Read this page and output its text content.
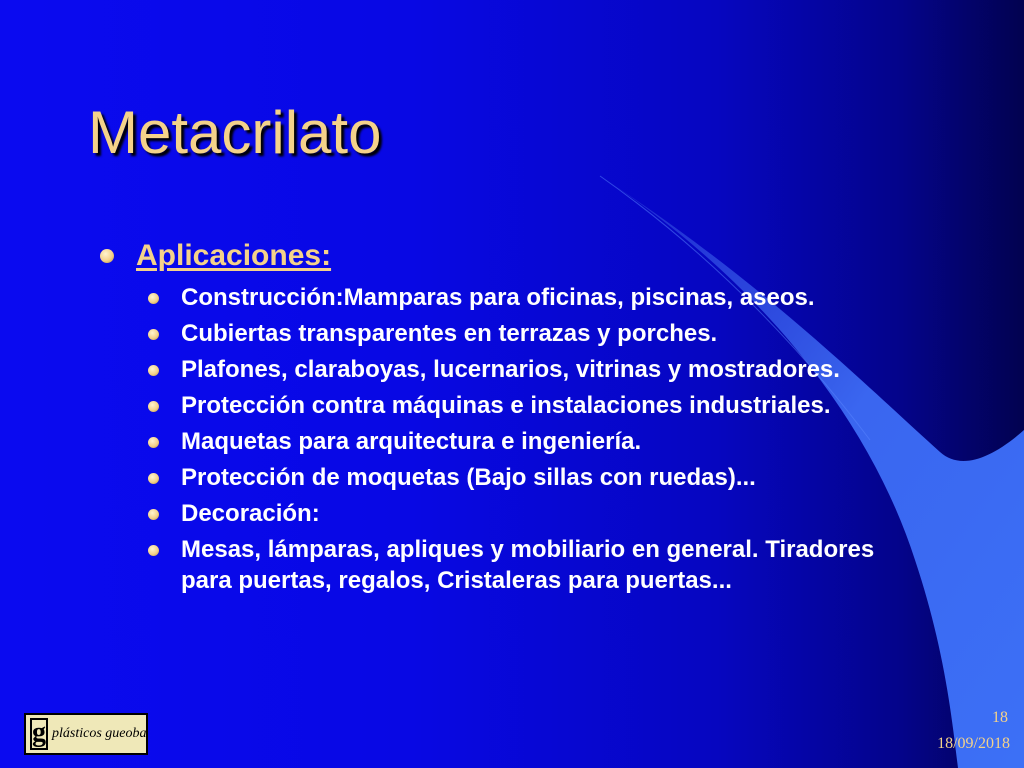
Metacrilato
Aplicaciones:
Construcción:Mamparas para oficinas, piscinas, aseos.
Cubiertas transparentes en terrazas y porches.
Plafones, claraboyas, lucernarios, vitrinas y mostradores.
Protección contra máquinas e instalaciones industriales.
Maquetas para arquitectura e ingeniería.
Protección de moquetas (Bajo sillas con ruedas)...
Decoración:
Mesas, lámparas, apliques y mobiliario en general. Tiradores para puertas, regalos, Cristaleras para puertas...
g plásticos gueoba
18
18/09/2018
